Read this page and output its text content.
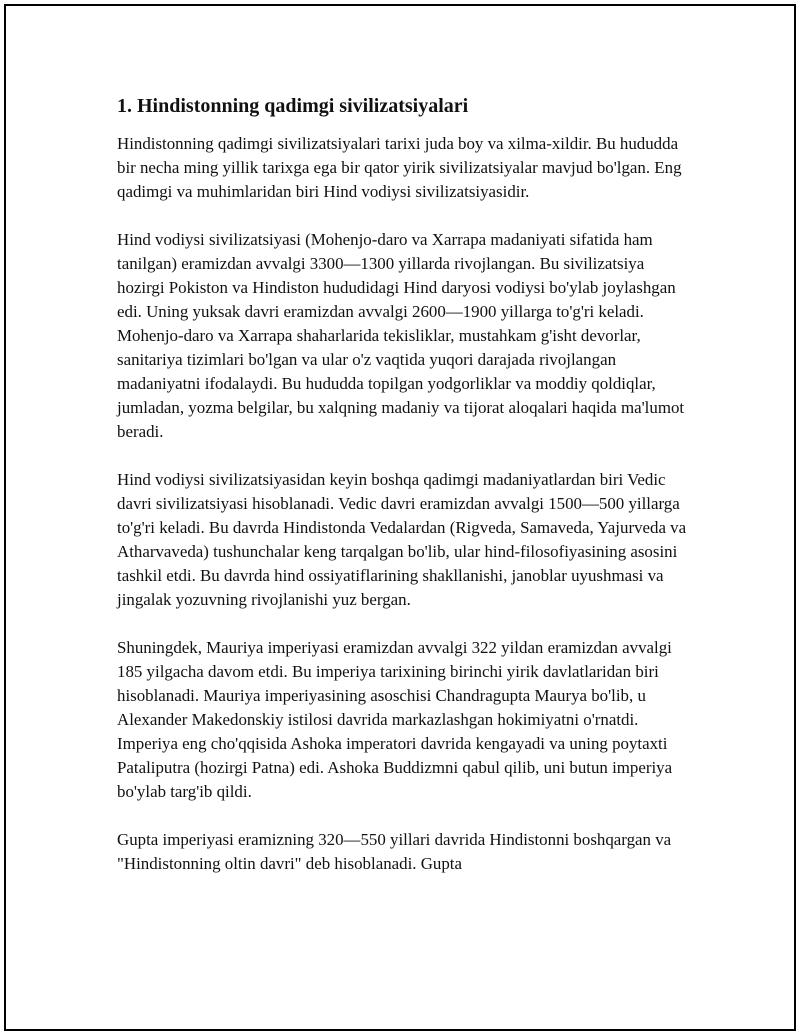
1. Hindistonning qadimgi sivilizatsiyalari

Hindistonning qadimgi sivilizatsiyalari tarixi juda boy va xilma-xildir. Bu hududda bir necha ming yillik tarixga ega bir qator yirik sivilizatsiyalar mavjud bo'lgan. Eng qadimgi va muhimlaridan biri Hind vodiysi sivilizatsiyasidir.

Hind vodiysi sivilizatsiyasi (Mohenjo-daro va Xarrapa madaniyati sifatida ham tanilgan) eramizdan avvalgi 3300—1300 yillarda rivojlangan. Bu sivilizatsiya hozirgi Pokiston va Hindiston hududidagi Hind daryosi vodiysi bo'ylab joylashgan edi. Uning yuksak davri eramizdan avvalgi 2600—1900 yillarga to'g'ri keladi. Mohenjo-daro va Xarrapa shaharlarida tekisliklar, mustahkam g'isht devorlar, sanitariya tizimlari bo'lgan va ular o'z vaqtida yuqori darajada rivojlangan madaniyatni ifodalaydi. Bu hududda topilgan yodgorliklar va moddiy qoldiqlar, jumladan, yozma belgilar, bu xalqning madaniy va tijorat aloqalari haqida ma'lumot beradi.

Hind vodiysi sivilizatsiyasidan keyin boshqa qadimgi madaniyatlardan biri Vedic davri sivilizatsiyasi hisoblanadi. Vedic davri eramizdan avvalgi 1500—500 yillarga to'g'ri keladi. Bu davrda Hindistonda Vedalardan (Rigveda, Samaveda, Yajurveda va Atharvaveda) tushunchalar keng tarqalgan bo'lib, ular hind-filosofiyasining asosini tashkil etdi. Bu davrda hind ossiyatiflarining shakllanishi, janoblar uyushmasi va jingalak yozuvning rivojlanishi yuz bergan.

Shuningdek, Mauriya imperiyasi eramizdan avvalgi 322 yildan eramizdan avvalgi 185 yilgacha davom etdi. Bu imperiya tarixining birinchi yirik davlatlaridan biri hisoblanadi. Mauriya imperiyasining asoschisi Chandragupta Maurya bo'lib, u Alexander Makedonskiy istilosi davrida markazlashgan hokimiyatni o'rnatdi. Imperiya eng cho'qqisida Ashoka imperatori davrida kengayadi va uning poytaxti Pataliputra (hozirgi Patna) edi. Ashoka Buddizmni qabul qilib, uni butun imperiya bo'ylab targ'ib qildi.

Gupta imperiyasi eramizning 320—550 yillari davrida Hindistonni boshqargan va "Hindistonning oltin davri" deb hisoblanadi. Gupta
